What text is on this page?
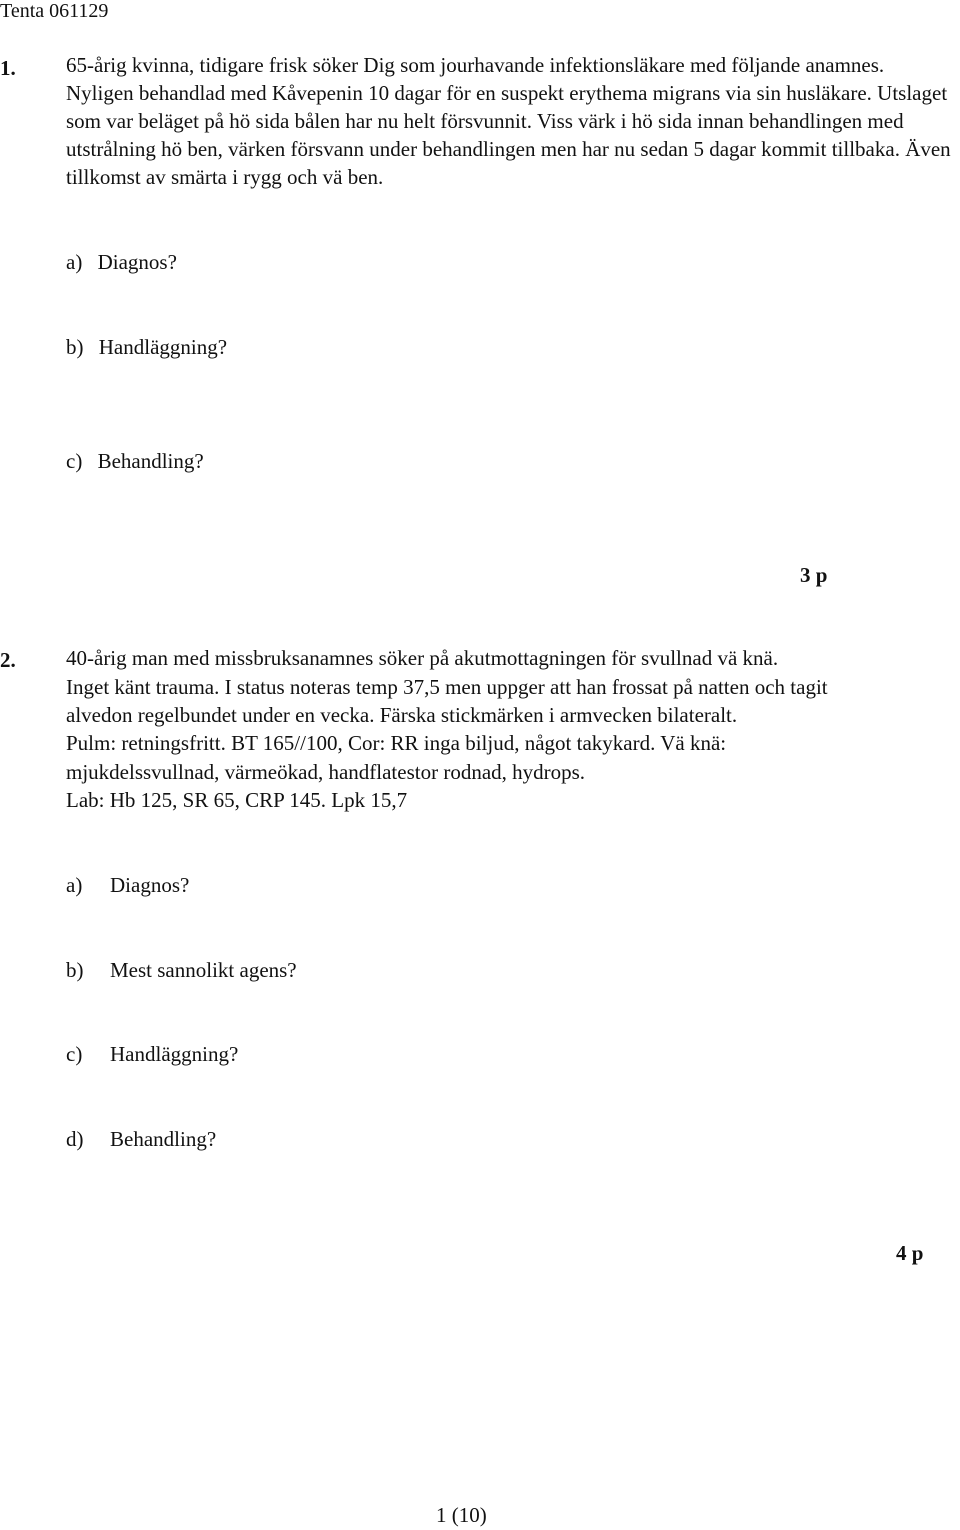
Tenta 061129
1. 65-årig kvinna, tidigare frisk söker Dig som jourhavande infektionsläkare med följande anamnes. Nyligen behandlad med Kåvepenin 10 dagar för en suspekt erythema migrans via sin husläkare. Utslaget som var beläget på hö sida bålen har nu helt försvunnit. Viss värk i hö sida innan behandlingen med utstrålning hö ben, värken försvann under behandlingen men har nu sedan 5 dagar kommit tillbaka. Även tillkomst av smärta i rygg och vä ben.
a) Diagnos?
b) Handläggning?
c) Behandling?
3 p
2. 40-årig man med missbruksanamnes söker på akutmottagningen för svullnad vä knä.
Inget känt trauma. I status noteras temp 37,5 men uppger att han frossat på natten och tagit
alvedon regelbundet under en vecka. Färska stickmärken i armvecken bilateralt.
Pulm: retningsfritt. BT 165//100, Cor: RR inga biljud, något takykard. Vä knä:
mjukdelssvullnad, värmeökad, handflatestor rodnad, hydrops.
Lab: Hb 125, SR 65, CRP 145. Lpk 15,7
a) Diagnos?
b) Mest sannolikt agens?
c) Handläggning?
d) Behandling?
4 p
1 (10)
